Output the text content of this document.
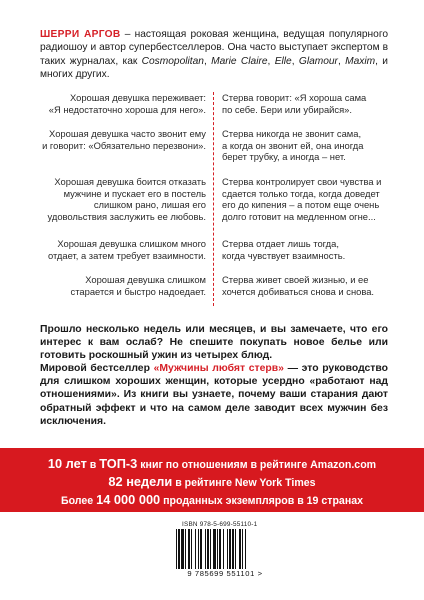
ШЕРРИ АРГОВ – настоящая роковая женщина, ведущая популярного радиошоу и автор супербестселлеров. Она часто выступает экспертом в таких журналах, как Cosmopolitan, Marie Claire, Elle, Glamour, Maxim, и многих других.
Хорошая девушка переживает:
«Я недостаточно хороша для него».
Стерва говорит: «Я хороша сама
по себе. Бери или убирайся».
Хорошая девушка часто звонит ему
и говорит: «Обязательно перезвони».
Стерва никогда не звонит сама,
а когда он звонит ей, она иногда
берет трубку, а иногда – нет.
Хорошая девушка боится отказать
мужчине и пускает его в постель
слишком рано, лишая его
удовольствия заслужить ее любовь.
Стерва контролирует свои чувства и
сдается только тогда, когда доведет
его до кипения – а потом еще очень
долго готовит на медленном огне...
Хорошая девушка слишком много
отдает, а затем требует взаимности.
Стерва отдает лишь тогда,
когда чувствует взаимность.
Хорошая девушка слишком
старается и быстро надоедает.
Стерва живет своей жизнью, и ее
хочется добиваться снова и снова.

Прошло несколько недель или месяцев, и вы замечаете, что его интерес к вам ослаб? Не спешите покупать новое белье или готовить роскошный ужин из четырех блюд.

Мировой бестселлер «Мужчины любят стерв» — это руководство для слишком хороших женщин, которые усердно «работают над отношениями». Из книги вы узнаете, почему ваши старания дают обратный эффект и что на самом деле заводит всех мужчин без исключения.

10 лет в ТОП-3 книг по отношениям в рейтинге Amazon.com
82 недели в рейтинге New York Times
Более 14 000 000 проданных экземпляров в 19 странах
ISBN 978-5-699-55110-1
9 785699 551101 >
